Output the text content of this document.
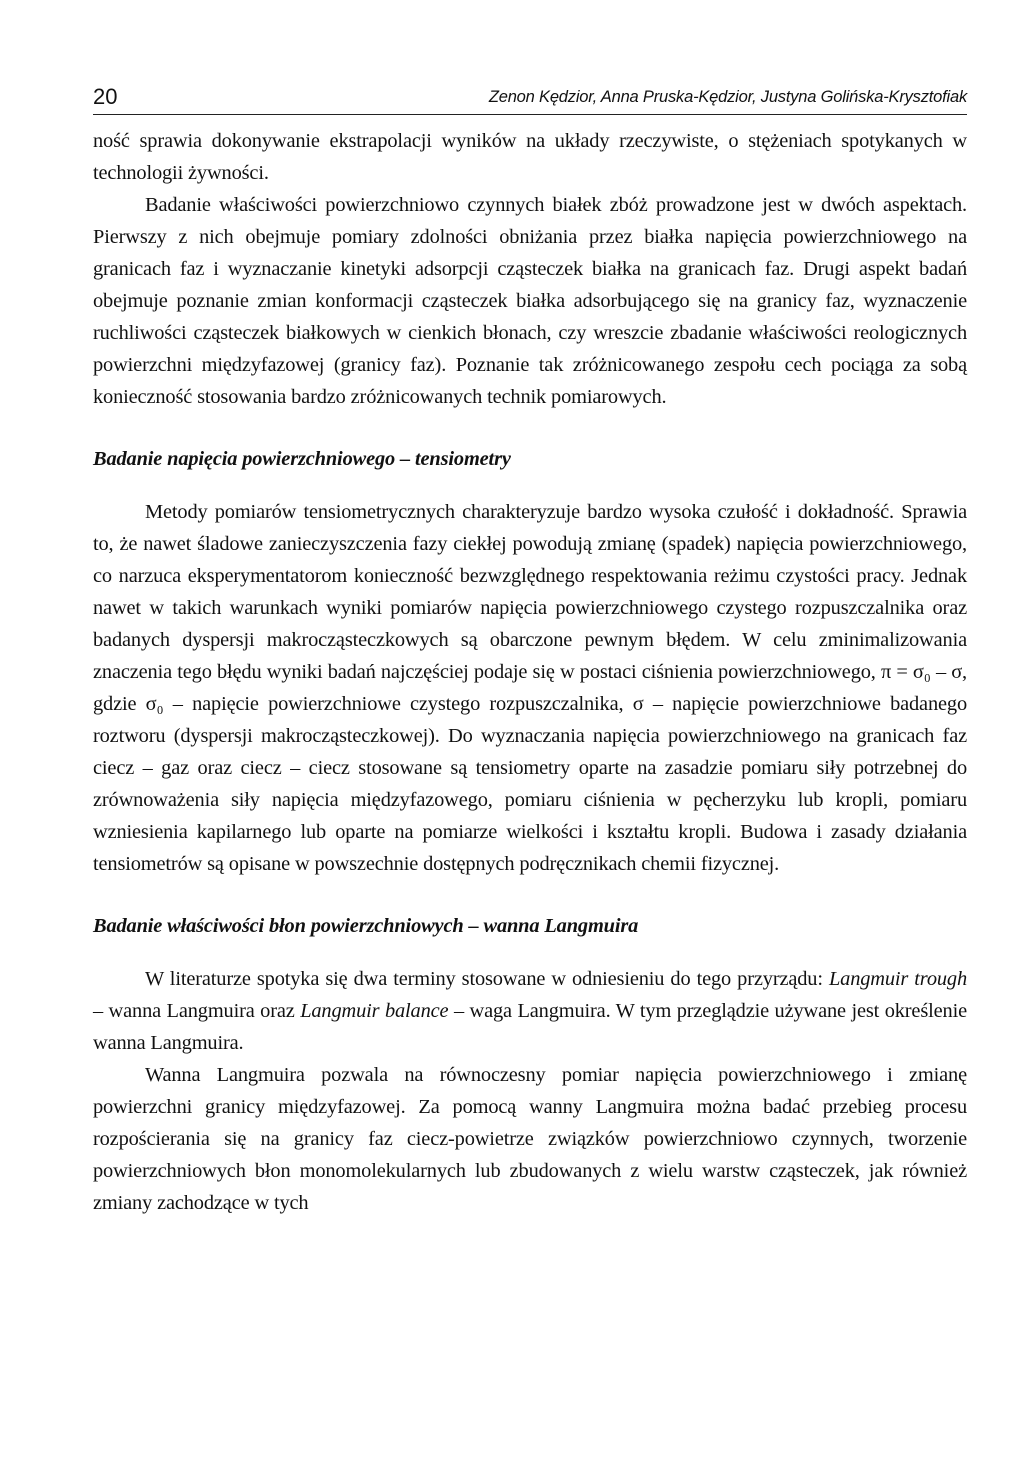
20	Zenon Kędzior, Anna Pruska-Kędzior, Justyna Golińska-Krysztofiak

ność sprawia dokonywanie ekstrapolacji wyników na układy rzeczywiste, o stężeniach spotykanych w technologii żywności.

Badanie właściwości powierzchniowo czynnych białek zbóż prowadzone jest w dwóch aspektach. Pierwszy z nich obejmuje pomiary zdolności obniżania przez białka napięcia powierzchniowego na granicach faz i wyznaczanie kinetyki adsorpcji cząsteczek białka na granicach faz. Drugi aspekt badań obejmuje poznanie zmian konformacji cząsteczek białka adsorbującego się na granicy faz, wyznaczenie ruchliwości cząsteczek białkowych w cienkich błonach, czy wreszcie zbadanie właściwości reologicznych powierzchni międzyfazowej (granicy faz). Poznanie tak zróżnicowanego zespołu cech pociąga za sobą konieczność stosowania bardzo zróżnicowanych technik pomiarowych.

Badanie napięcia powierzchniowego – tensiometry

Metody pomiarów tensiometrycznych charakteryzuje bardzo wysoka czułość i dokładność. Sprawia to, że nawet śladowe zanieczyszczenia fazy ciekłej powodują zmianę (spadek) napięcia powierzchniowego, co narzuca eksperymentatorom konieczność bezwzględnego respektowania reżimu czystości pracy. Jednak nawet w takich warunkach wyniki pomiarów napięcia powierzchniowego czystego rozpuszczalnika oraz badanych dyspersji makrocząsteczkowych są obarczone pewnym błędem. W celu zminimalizowania znaczenia tego błędu wyniki badań najczęściej podaje się w postaci ciśnienia powierzchniowego, π = σ₀ – σ, gdzie σ₀ – napięcie powierzchniowe czystego rozpuszczalnika, σ – napięcie powierzchniowe badanego roztworu (dyspersji makrocząsteczkowej). Do wyznaczania napięcia powierzchniowego na granicach faz ciecz – gaz oraz ciecz – ciecz stosowane są tensiometry oparte na zasadzie pomiaru siły potrzebnej do zrównoważenia siły napięcia międzyfazowego, pomiaru ciśnienia w pęcherzyku lub kropli, pomiaru wzniesienia kapilarnego lub oparte na pomiarze wielkości i kształtu kropli. Budowa i zasady działania tensiometrów są opisane w powszechnie dostępnych podręcznikach chemii fizycznej.

Badanie właściwości błon powierzchniowych – wanna Langmuira

W literaturze spotyka się dwa terminy stosowane w odniesieniu do tego przyrządu: Langmuir trough – wanna Langmuira oraz Langmuir balance – waga Langmuira. W tym przeglądzie używane jest określenie wanna Langmuira.

Wanna Langmuira pozwala na równoczesny pomiar napięcia powierzchniowego i zmianę powierzchni granicy międzyfazowej. Za pomocą wanny Langmuira można badać przebieg procesu rozpościerania się na granicy faz ciecz-powietrze związków powierzchniowo czynnych, tworzenie powierzchniowych błon monomolekularnych lub zbudowanych z wielu warstw cząsteczek, jak również zmiany zachodzące w tych
